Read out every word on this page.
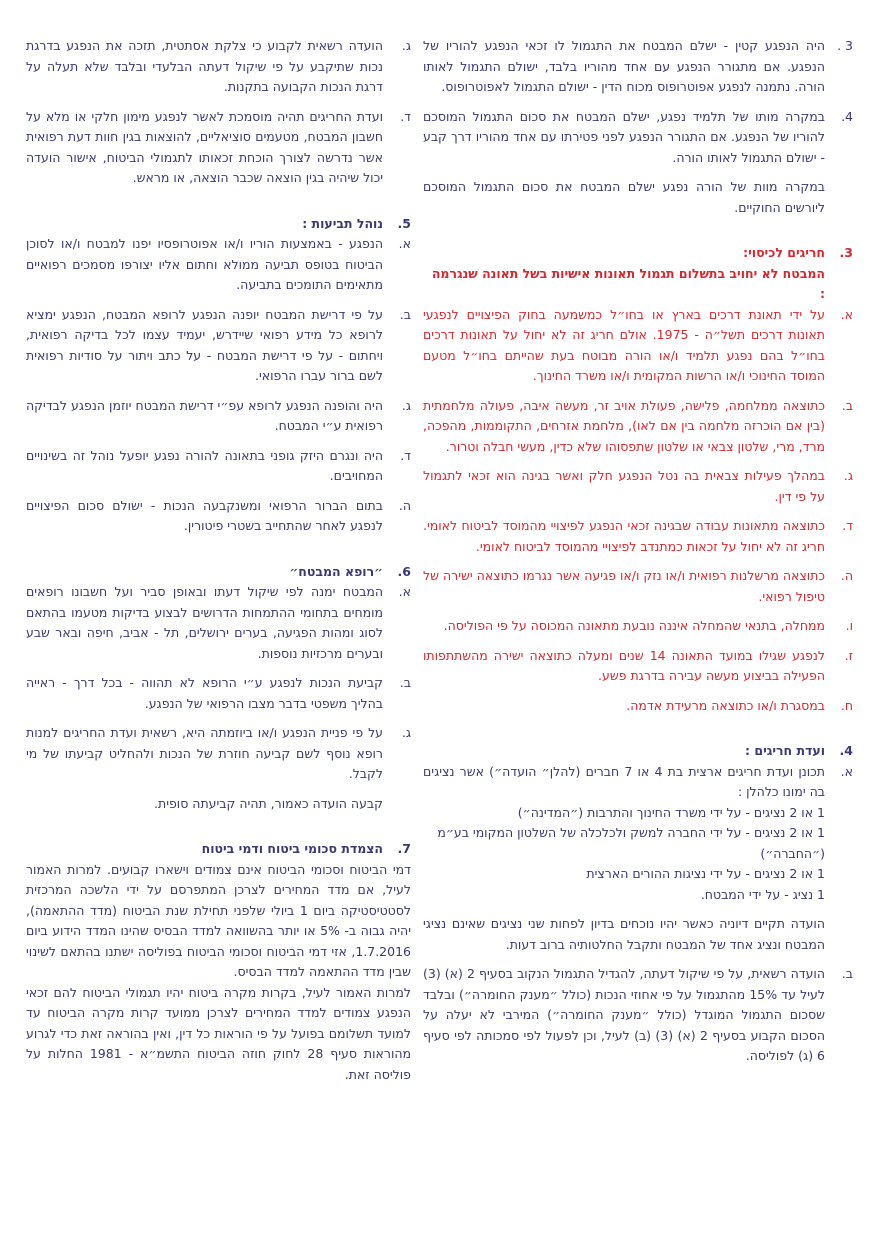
3 .
היה הנפגע קטין - ישלם המבטח את התגמול לו זכאי הנפגע להוריו של הנפגע. אם מתגורר הנפגע עם אחד מהוריו בלבד, ישולם התגמול לאותו הורה. נתמנה לנפגע אפוטרופוס מכוח הדין - ישולם התגמול לאפוטרופוס.
4.
במקרה מותו של תלמיד נפגע, ישלם המבטח את סכום התגמול המוסכם להוריו של הנפגע. אם התגורר הנפגע לפני פטירתו עם אחד מהוריו דרך קבע - ישולם התגמול לאותו הורה.

במקרה מוות של הורה נפגע ישלם המבטח את סכום התגמול המוסכם ליורשים החוקיים.

3.
חריגים לכיסוי:
המבטח לא יחויב בתשלום תגמול תאונות אישיות בשל תאונה שנגרמה :
א.
על ידי תאונת דרכים בארץ או בחו״ל כמשמעה בחוק הפיצויים לנפגעי תאונות דרכים תשל״ה - 1975. אולם חריג זה לא יחול על תאונות דרכים בחו״ל בהם נפגע תלמיד ו/או הורה מבוטח בעת שהייתם בחו״ל מטעם המוסד החינוכי ו/או הרשות המקומית ו/או משרד החינוך.
ב.
כתוצאה ממלחמה, פלישה, פעולת אויב זר, מעשה איבה, פעולה מלחמתית (בין אם הוכרזה מלחמה בין אם לאו), מלחמת אזרחים, התקוממות, מהפכה, מרד, מרי, שלטון צבאי או שלטון שתפסוהו שלא כדין, מעשי חבלה וטרור.
ג.
במהלך פעילות צבאית בה נטל הנפגע חלק ואשר בגינה הוא זכאי לתגמול על פי דין.
ד.
כתוצאה מתאונות עבודה שבגינה זכאי הנפגע לפיצויי מהמוסד לביטוח לאומי. חריג זה לא יחול על זכאות כמתנדב לפיצויי מהמוסד לביטוח לאומי.
ה.
כתוצאה מרשלנות רפואית ו/או נזק ו/או פגיעה אשר נגרמו כתוצאה ישירה של טיפול רפואי.
ו.
ממחלה, בתנאי שהמחלה איננה נובעת מתאונה המכוסה על פי הפוליסה.
ז.
לנפגע שגילו במועד התאונה 14 שנים ומעלה כתוצאה ישירה מהשתתפותו הפעילה בביצוע מעשה עבירה בדרגת פשע.
ח.
במסגרת ו/או כתוצאה מרעידת אדמה.
4.
ועדת חריגים :
א.
תכונן ועדת חריגים ארצית בת 4 או 7 חברים (להלן״ הועדה״) אשר נציגים בה ימונו כלהלן :
1 או 2 נציגים - על ידי משרד החינוך והתרבות (״המדינה״)
1 או 2 נציגים - על ידי החברה למשק ולכלכלה של השלטון המקומי בע״מ (״החברה״)
1 או 2 נציגים - על ידי נציגות ההורים הארצית
1 נציג - על ידי המבטח.

הועדה תקיים דיוניה כאשר יהיו נוכחים בדיון לפחות שני נציגים שאינם נציגי המבטח ונציג אחד של המבטח ותקבל החלטותיה ברוב דעות.

ב.
הועדה רשאית, על פי שיקול דעתה, להגדיל התגמול הנקוב בסעיף 2 (א) (3) לעיל עד 15% מהתגמול על פי אחוזי הנכות (כולל ״מענק החומרה״) ובלבד שסכום התגמול המוגדל (כולל ״מענק החומרה״) המירבי לא יעלה על הסכום הקבוע בסעיף 2 (א) (3) (ב) לעיל, וכן לפעול לפי סמכותה לפי סעיף 6 (ג) לפוליסה.
ג.
הועדה רשאית לקבוע כי צלקת אסתטית, תזכה את הנפגע בדרגת נכות שתיקבע על פי שיקול דעתה הבלעדי ובלבד שלא תעלה על דרגת הנכות הקבועה בתקנות.
ד.
ועדת החריגים תהיה מוסמכת לאשר לנפגע מימון חלקי או מלא על חשבון המבטח, מטעמים סוציאליים, להוצאות בגין חוות דעת רפואית אשר נדרשה לצורך הוכחת זכאותו לתגמולי הביטוח, אישור הועדה יכול שיהיה בגין הוצאה שכבר הוצאה, או מראש.
5.
נוהל תביעות :
א.
הנפגע - באמצעות הוריו ו/או אפוטרופסיו יפנו למבטח ו/או לסוכן הביטוח בטופס תביעה ממולא וחתום אליו יצורפו מסמכים רפואיים מתאימים התומכים בתביעה.
ב.
על פי דרישת המבטח יופנה הנפגע לרופא המבטח, הנפגע ימציא לרופא כל מידע רפואי שיידרש, יעמיד עצמו לכל בדיקה רפואית, ויחתום - על פי דרישת המבטח - על כתב ויתור על סודיות רפואית לשם ברור עברו הרפואי.
ג.
היה והופנה הנפגע לרופא עפ״י דרישת המבטח יוזמן הנפגע לבדיקה רפואית ע״י המבטח.
ד.
היה ונגרם היזק גופני בתאונה להורה נפגע יופעל נוהל זה בשינויים המחויבים.
ה.
בתום הברור הרפואי ומשנקבעה הנכות - ישולם סכום הפיצויים לנפגע לאחר שהתחייב בשטרי פיטורין.
6.
״רופא המבטח״
א.
המבטח ימנה לפי שיקול דעתו ובאופן סביר ועל חשבונו רופאים מומחים בתחומי ההתמחות הדרושים לבצוע בדיקות מטעמו בהתאם לסוג ומהות הפגיעה, בערים ירושלים, תל - אביב, חיפה ובאר שבע ובערים מרכזיות נוספות.
ב.
קביעת הנכות לנפגע ע״י הרופא לא תהווה - בכל דרך - ראייה בהליך משפטי בדבר מצבו הרפואי של הנפגע.
ג.
על פי פניית הנפגע ו/או ביוזמתה היא, רשאית ועדת החריגים למנות רופא נוסף לשם קביעה חוזרת של הנכות ולהחליט קביעתו של מי לקבל.

קבעה הועדה כאמור, תהיה קביעתה סופית.

7.
הצמדת סכומי ביטוח ודמי ביטוח

דמי הביטוח וסכומי הביטוח אינם צמודים וישארו קבועים. למרות האמור לעיל, אם מדד המחירים לצרכן המתפרסם על ידי הלשכה המרכזית לסטטיסטיקה ביום 1 ביולי שלפני תחילת שנת הביטוח (מדד ההתאמה), יהיה גבוה ב- 5% או יותר בהשוואה למדד הבסיס שהינו המדד הידוע ביום 1.7.2016, אזי דמי הביטוח וסכומי הביטוח בפוליסה ישתנו בהתאם לשינוי שבין מדד ההתאמה למדד הבסיס.

למרות האמור לעיל, בקרות מקרה ביטוח יהיו תגמולי הביטוח להם זכאי הנפגע צמודים למדד המחירים לצרכן ממועד קרות מקרה הביטוח עד למועד תשלומם בפועל על פי הוראות כל דין, ואין בהוראה זאת כדי לגרוע מהוראות סעיף 28 לחוק חוזה הביטוח התשמ״א - 1981 החלות על פוליסה זאת.
